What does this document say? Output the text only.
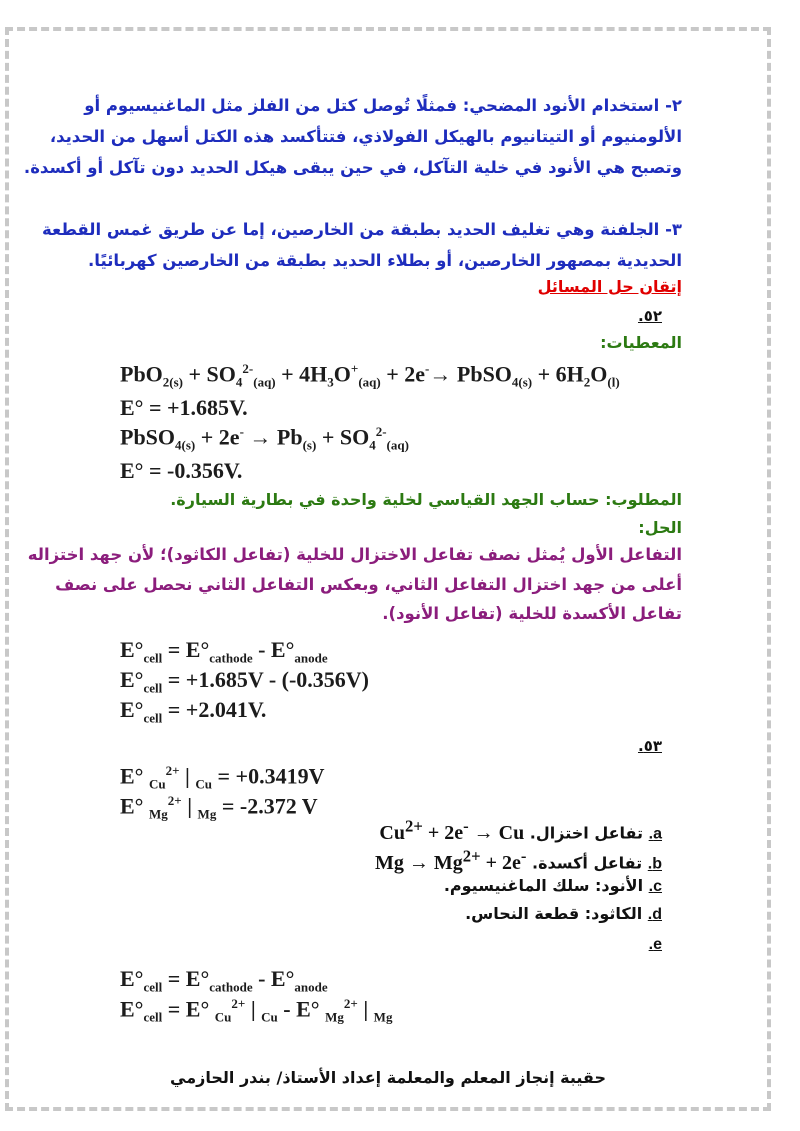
٢- استخدام الأنود المضحي: فمثلًا تُوصل كتل من الفلز مثل الماغنيسيوم أو
الألومنيوم أو التيتانيوم بالهيكل الفولاذي، فتتأكسد هذه الكتل أسهل من الحديد،
وتصبح هي الأنود في خلية التآكل، في حين يبقى هيكل الحديد دون تآكل أو أكسدة.
٣- الجلفنة وهي تغليف الحديد بطبقة من الخارصين، إما عن طريق غمس القطعة
الحديدية بمصهور الخارصين، أو بطلاء الحديد بطبقة من الخارصين كهربائيًا.
إتقان حل المسائل
٥٢.
المعطيات:
$PbO_{2(s)} + SO_4^{2-}_{(aq)} + 4H_3O^+_{(aq)} + 2e^-\to$ PbSO$_{4(s)}$ + $6H_2O_{(l)}$
E° = +1.685V.
PbSO$_{4(s)}$ + $2e^- \to Pb_{(s)} + SO_4^{2-}_{(aq)}$
E° = -0.356V.
المطلوب: حساب الجهد القياسي لخلية واحدة في بطارية السيارة.
الحل:
التفاعل الأول يُمثل نصف تفاعل الاختزال للخلية (تفاعل الكاثود)؛ لأن جهد اختزاله
أعلى من جهد اختزال التفاعل الثاني، وبعكس التفاعل الثاني نحصل على نصف
تفاعل الأكسدة للخلية (تفاعل الأنود).
$E^\circ_{cell} = E^\circ_{cathode} - E^\circ_{anode}$
$E^\circ_{cell} = +1.685V - (-0.356V)$
$E^\circ_{cell} = +2.041V$.
٥٣.
E° $_{Cu}^{2+}$ | $_{Cu}$ = +0.3419V
E° $_{Mg}^{2+}$ | $_{Mg}$ = -2.372 V
a. تفاعل اختزال.     $Cu^{2+} + 2e^- \to Cu$
b. تفاعل أكسدة.     $Mg \to Mg^{2+} + 2e^-$
c. الأنود: سلك الماغنيسيوم.
d. الكاثود: قطعة النحاس.
e.
$E^\circ_{cell} = E^\circ_{cathode} - E^\circ_{anode}$
$E^\circ_{cell} = E^\circ$ $_{Cu}^{2+}$ | $_{Cu}$ - E° $_{Mg}^{2+}$ | $_{Mg}$
حقيبة إنجاز المعلم والمعلمة إعداد الأستاذ/ بندر الحازمي
